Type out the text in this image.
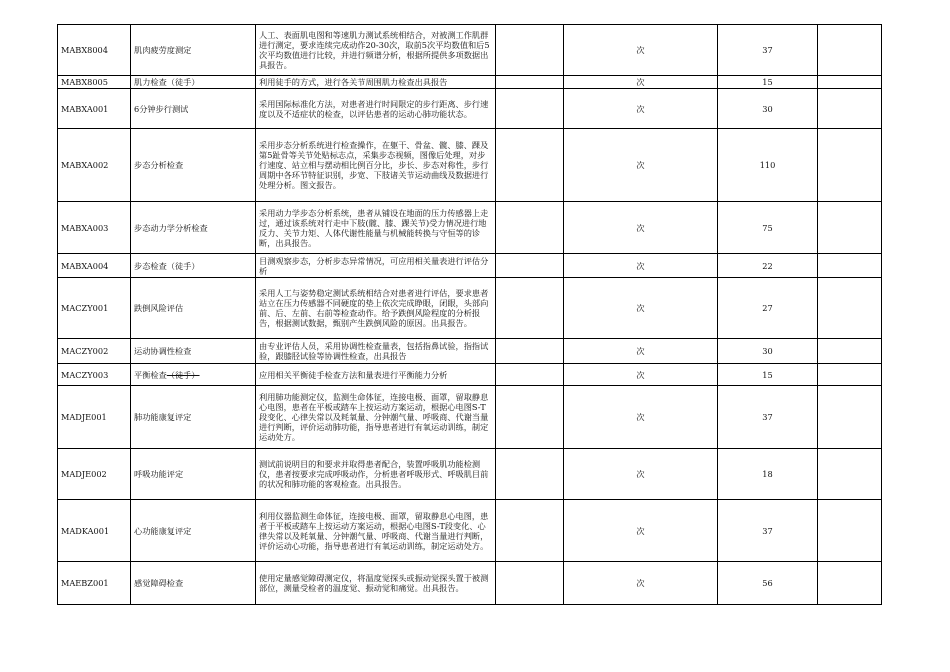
MABX8004	肌肉疲劳度测定	人工、表面肌电图和等速肌力测试系统相结合，对被测工作肌群进行测定，要求连续完成动作20-30次，取前5次平均数值和后5次平均数值进行比较，并进行频谱分析，根据所提供多项数据出具报告。		次	37	
MABX8005	肌力检查（徒手）	利用徒手的方式，进行各关节周围肌力检查出具报告		次	15	
MABXA001	6分钟步行测试	采用国际标准化方法，对患者进行时间限定的步行距离、步行速度以及不适症状的检查，以评估患者的运动心肺功能状态。		次	30	
MABXA002	步态分析检查	采用步态分析系统进行检查操作，在躯干、骨盆、髋、膝、踝及第5趾骨等关节处贴标志点，采集步态视频，图像后处理，对步行速度、站立相与摆动相比例百分比，步长、步态对称性，步行周期中各环节特征识别，步宽、下肢诸关节运动曲线及数据进行处理分析。图文报告。		次	110	
MABXA003	步态动力学分析检查	采用动力学步态分析系统，患者从铺设在地面的压力传感器上走过，通过该系统对行走中下肢(髋、膝、踝关节)受力情况进行地反力、关节力矩、人体代谢性能量与机械能转换与守恒等的诊断，出具报告。		次	75	
MABXA004	步态检查（徒手）	目测观察步态，分析步态异常情况，可应用相关量表进行评估分析		次	22	
MACZY001	跌倒风险评估	采用人工与姿势稳定测试系统相结合对患者进行评估，要求患者站立在压力传感器不同硬度的垫上依次完成睁眼，闭眼，头部向前、后、左前、右前等检查动作。给予跌倒风险程度的分析报告，根据测试数据，甄别产生跌倒风险的原因。出具报告。		次	27	
MACZY002	运动协调性检查	由专业评估人员，采用协调性检查量表，包括指鼻试验，指指试验，跟膝胫试验等协调性检查，出具报告		次	30	
MACZY003	平衡检查（徒手）	应用相关平衡徒手检查方法和量表进行平衡能力分析		次	15	
MADJE001	肺功能康复评定	利用肺功能测定仪，监测生命体征，连接电极、面罩，留取静息心电图，患者在平板或踏车上按运动方案运动，根据心电图S-T段变化、心律失常以及耗氧量、分钟潮气量、呼吸商、代谢当量进行判断，评价运动肺功能，指导患者进行有氧运动训练，制定运动处方。		次	37	
MADJE002	呼吸功能评定	测试前说明目的和要求并取得患者配合，装置呼吸肌功能检测仪，患者按要求完成呼吸动作，分析患者呼吸形式、呼吸肌目前的状况和肺功能的客观检查。出具报告。		次	18	
MADKA001	心功能康复评定	利用仪器监测生命体征，连接电极、面罩，留取静息心电图，患者于平板或踏车上按运动方案运动，根据心电图S-T段变化、心律失常以及耗氧量、分钟潮气量、呼吸商、代谢当量进行判断，评价运动心功能，指导患者进行有氧运动训练，制定运动处方。		次	37	
MAEBZ001	感觉障碍检查	使用定量感觉障碍测定仪，将温度觉探头或振动觉探头置于被测部位，测量受检者的温度觉、振动觉和痛觉。出具报告。		次	56	
